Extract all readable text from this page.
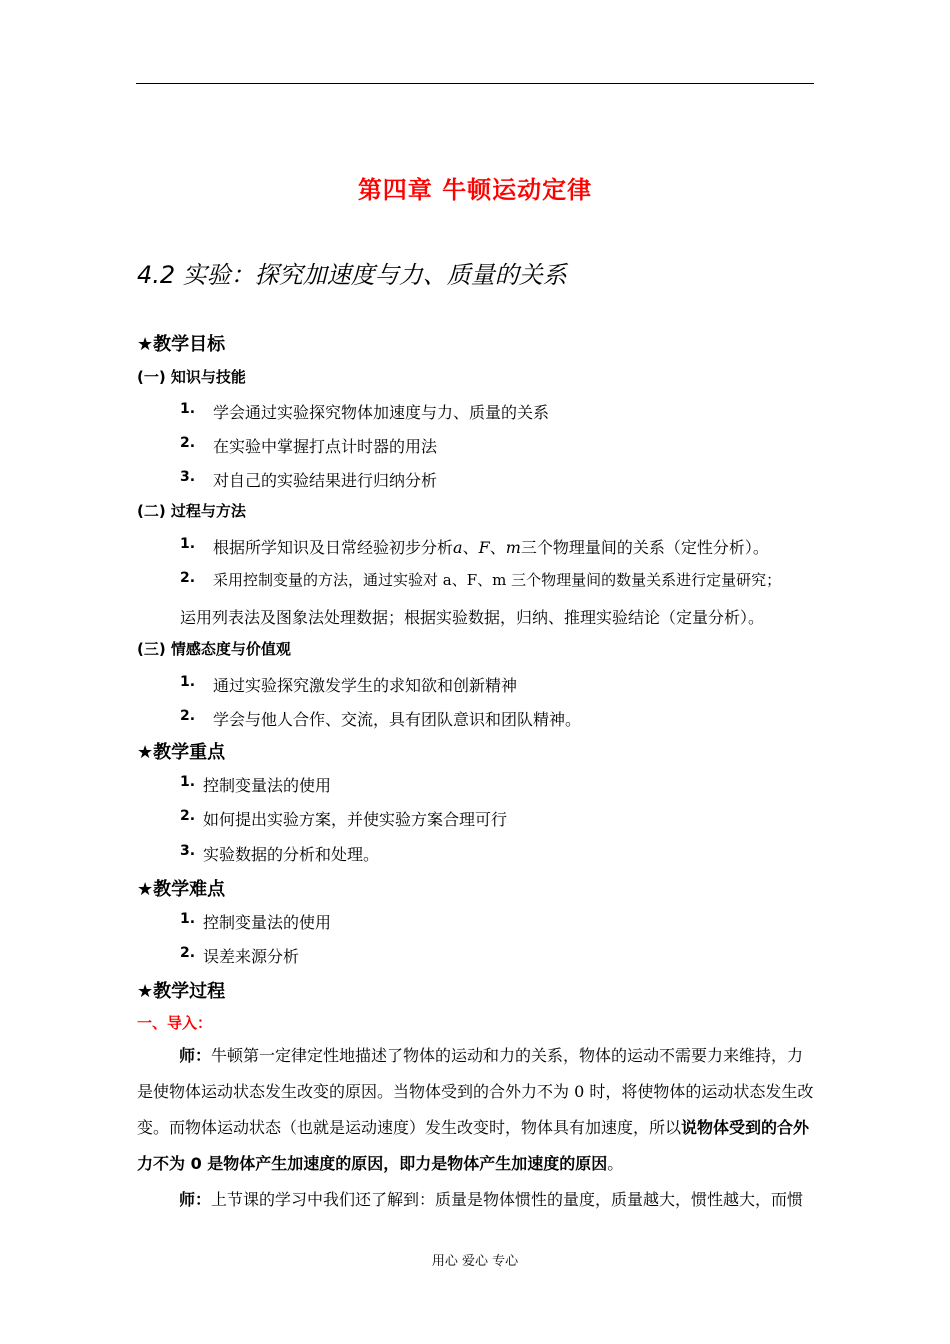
第四章 牛顿运动定律
4.2 实验：探究加速度与力、质量的关系
★教学目标
(一) 知识与技能
1. 学会通过实验探究物体加速度与力、质量的关系
2. 在实验中掌握打点计时器的用法
3. 对自己的实验结果进行归纳分析
(二) 过程与方法
1. 根据所学知识及日常经验初步分析a、F、m三个物理量间的关系（定性分析）。
2. 采用控制变量的方法，通过实验对 a、F、m 三个物理量间的数量关系进行定量研究；
运用列表法及图象法处理数据；根据实验数据，归纳、推理实验结论（定量分析）。
(三) 情感态度与价值观
1. 通过实验探究激发学生的求知欲和创新精神
2. 学会与他人合作、交流，具有团队意识和团队精神。
★教学重点
1. 控制变量法的使用
2. 如何提出实验方案，并使实验方案合理可行
3. 实验数据的分析和处理。
★教学难点
1. 控制变量法的使用
2. 误差来源分析
★教学过程
一、导入：
师：牛顿第一定律定性地描述了物体的运动和力的关系，物体的运动不需要力来维持，力是使物体运动状态发生改变的原因。当物体受到的合外力不为 0 时，将使物体的运动状态发生改变。而物体运动状态（也就是运动速度）发生改变时，物体具有加速度，所以说物体受到的合外力不为 0 是物体产生加速度的原因，即力是物体产生加速度的原因。
师：上节课的学习中我们还了解到：质量是物体惯性的量度，质量越大，惯性越大，而惯
用心 爱心 专心
